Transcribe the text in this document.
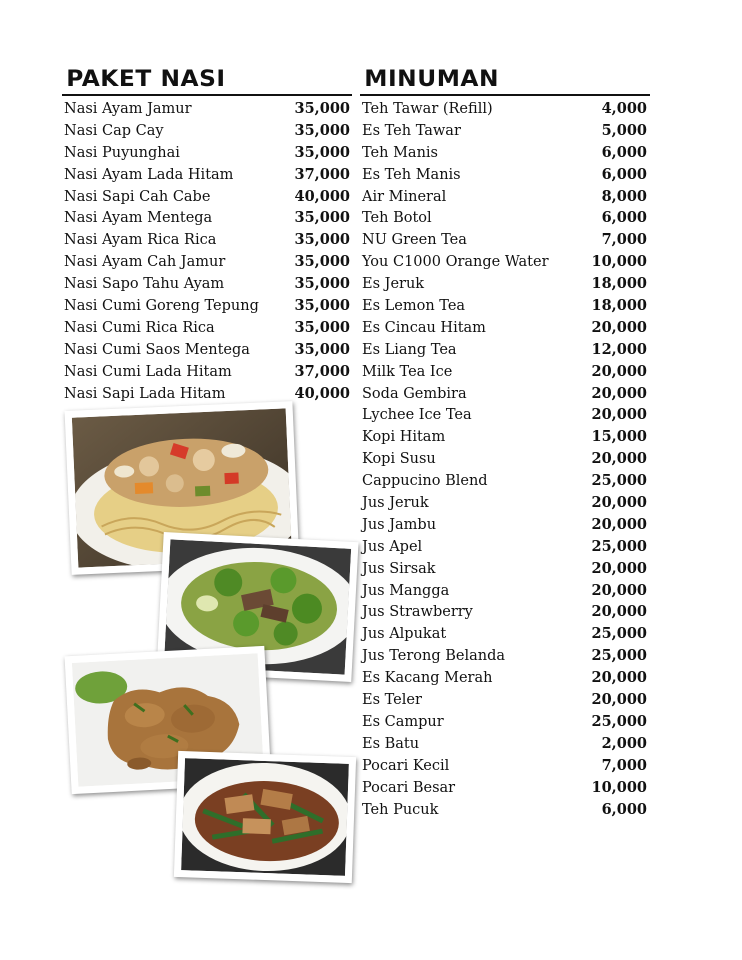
PAKET NASI	MINUMAN
Nasi Ayam Jamur	35,000
Nasi Cap Cay	35,000
Nasi Puyunghai	35,000
Nasi Ayam Lada Hitam	37,000
Nasi Sapi Cah Cabe	40,000
Nasi Ayam Mentega	35,000
Nasi Ayam Rica Rica	35,000
Nasi Ayam Cah Jamur	35,000
Nasi Sapo Tahu Ayam	35,000
Nasi Cumi Goreng Tepung 35,000
Nasi Cumi Rica Rica	35,000
Nasi Cumi Saos Mentega	35,000
Nasi Cumi Lada Hitam	37,000
Nasi Sapi Lada Hitam	40,000
Teh Tawar (Refill)	4,000
Es Teh Tawar	5,000
Teh Manis	6,000
Es Teh Manis	6,000
Air Mineral	8,000
Teh Botol	6,000
NU Green Tea	7,000
You C1000 Orange Water	10,000
Es Jeruk	18,000
Es Lemon Tea	18,000
Es Cincau Hitam	20,000
Es Liang Tea	12,000
Milk Tea Ice	20,000
Soda Gembira	20,000
Lychee Ice Tea	20,000
Kopi Hitam	15,000
Kopi Susu	20,000
Cappucino Blend	25,000
Jus Jeruk	20,000
Jus Jambu	20,000
Jus Apel	25,000
Jus Sirsak	20,000
Jus Mangga	20,000
Jus Strawberry	20,000
Jus Alpukat	25,000
Jus Terong Belanda	25,000
Es Kacang Merah	20,000
Es Teler	20,000
Es Campur	25,000
Es Batu	2,000
Pocari Kecil	7,000
Pocari Besar	10,000
Teh Pucuk	6,000
